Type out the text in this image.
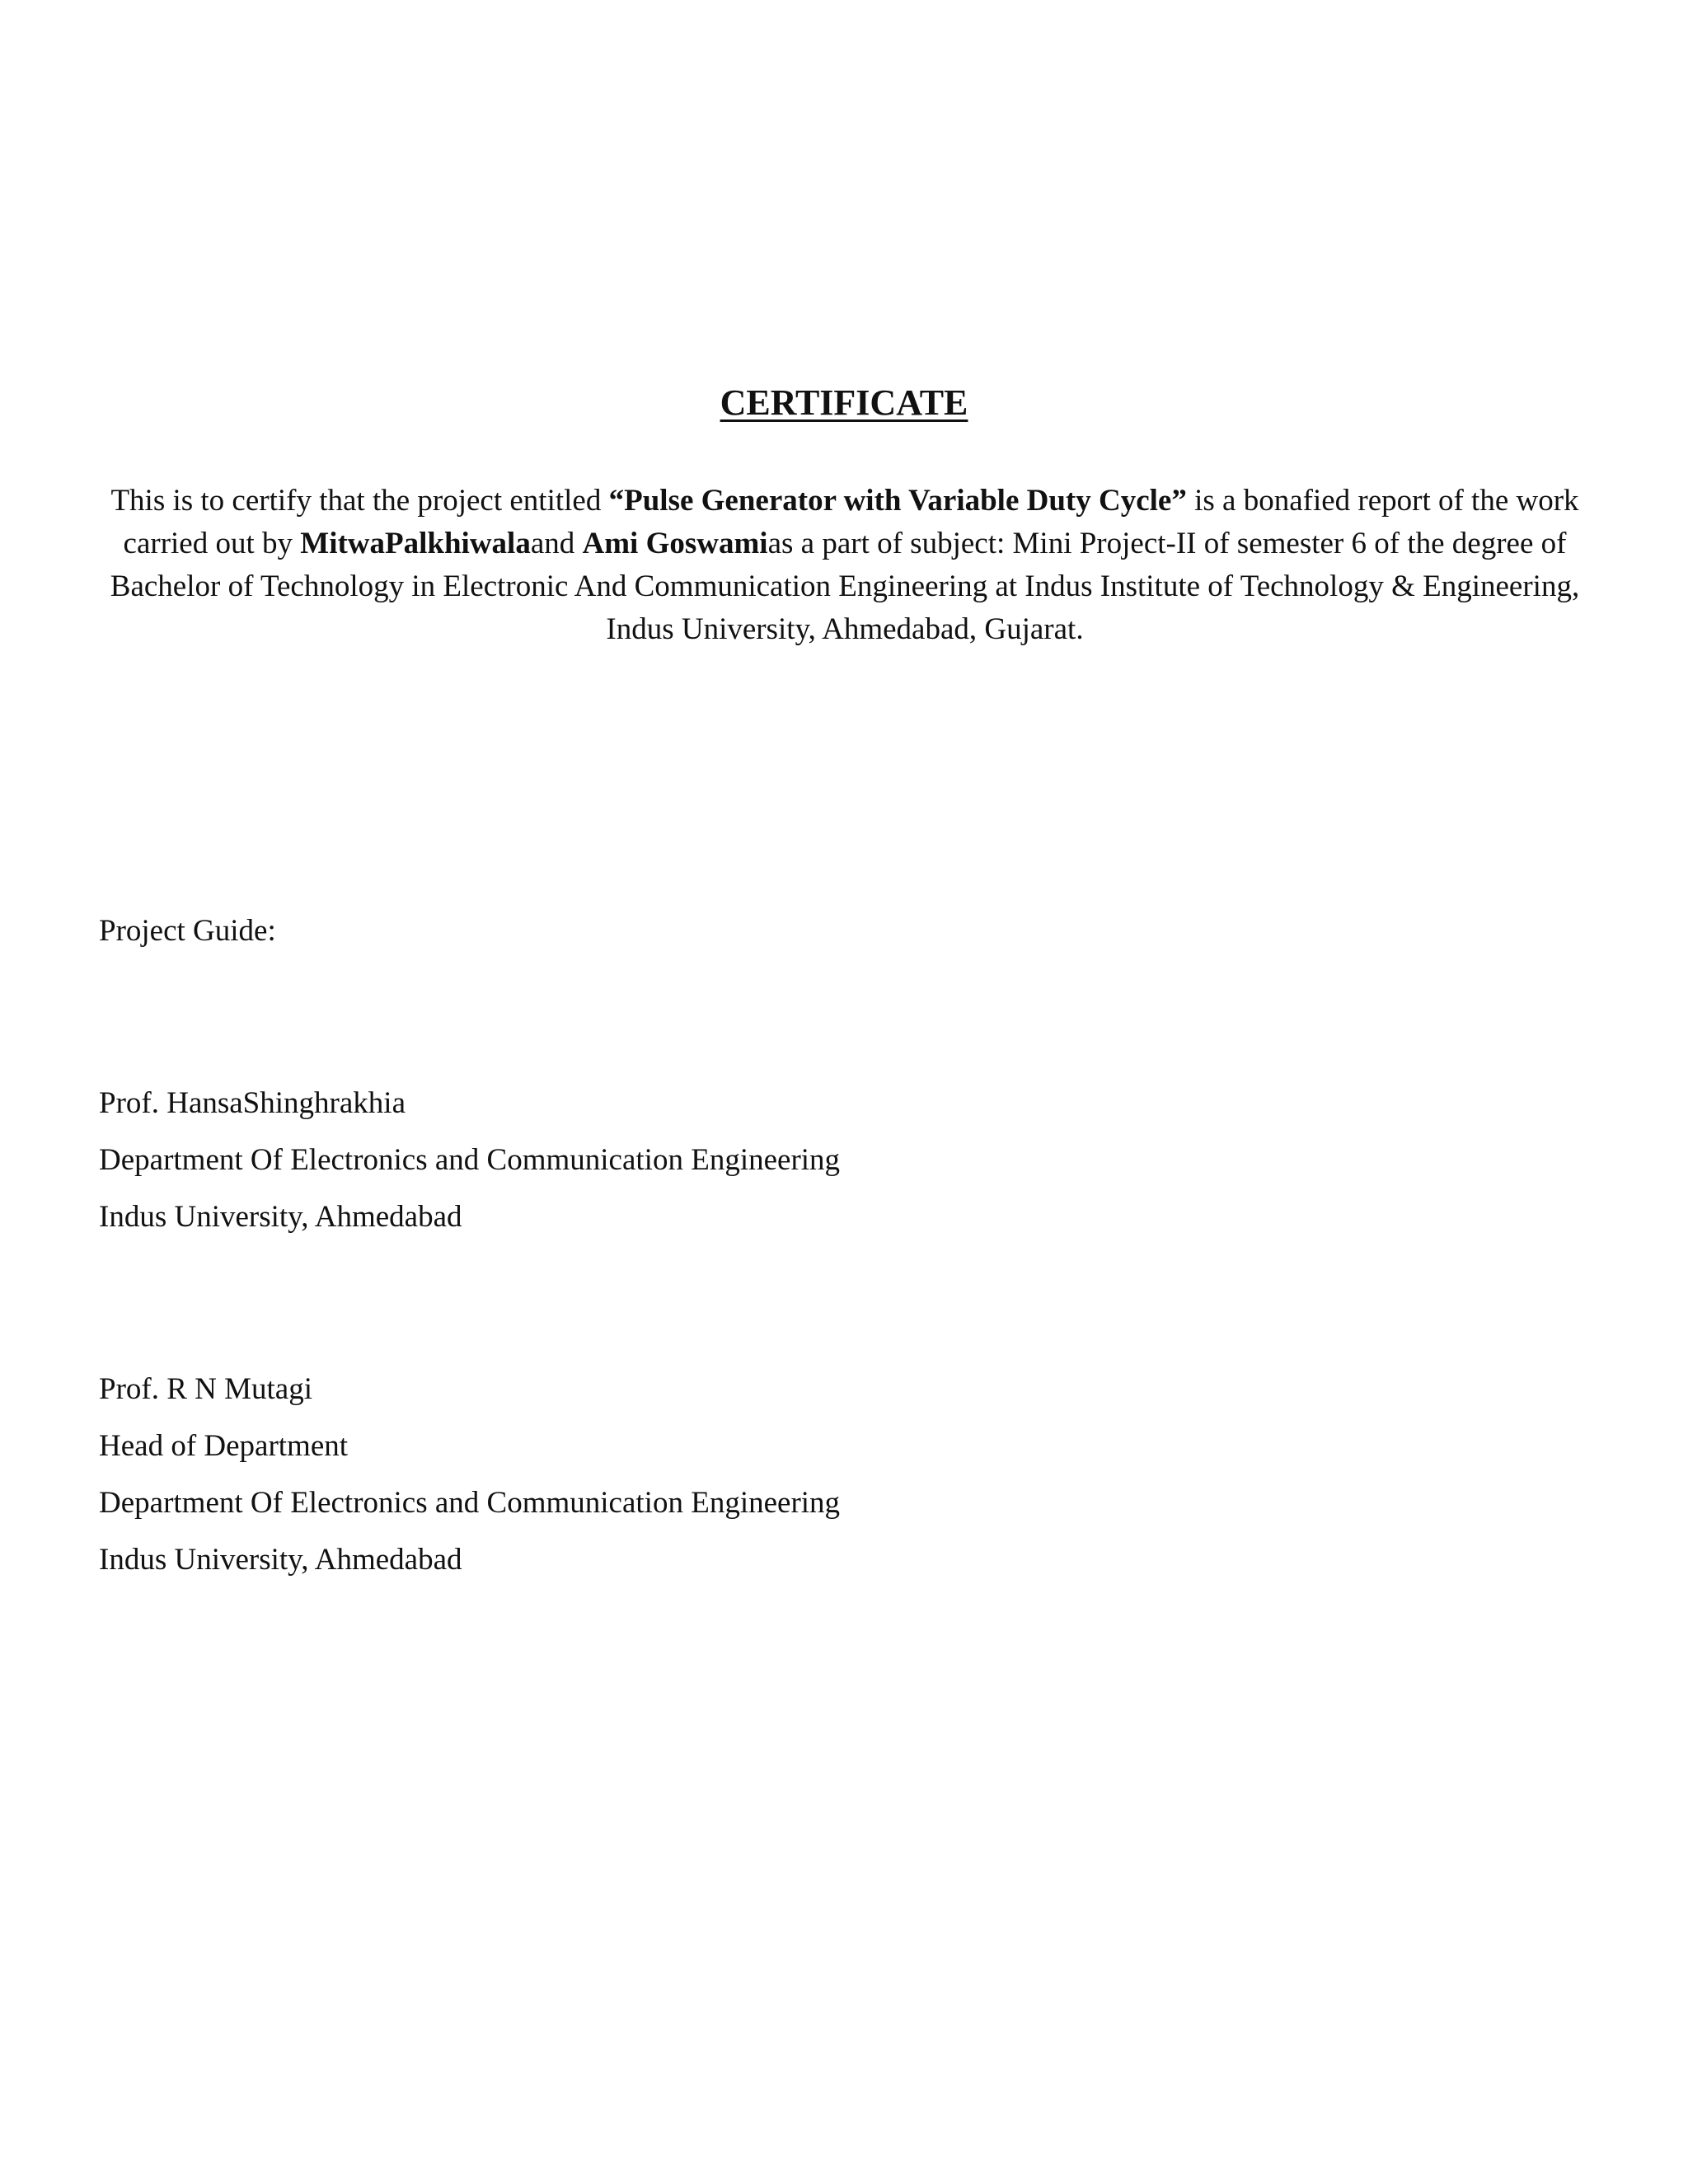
CERTIFICATE

This is to certify that the project entitled “Pulse Generator with Variable Duty Cycle” is a bonafied report of the work carried out by MitwaPalkhiwalaand Ami Goswamias a part of subject: Mini Project-II of semester 6 of the degree of Bachelor of Technology in Electronic And Communication Engineering at Indus Institute of Technology & Engineering, Indus University, Ahmedabad, Gujarat.

Project Guide:
Prof. HansaShinghrakhia
Department Of Electronics and Communication Engineering
Indus University, Ahmedabad
Prof. R N Mutagi
Head of Department
Department Of Electronics and Communication Engineering
Indus University, Ahmedabad
